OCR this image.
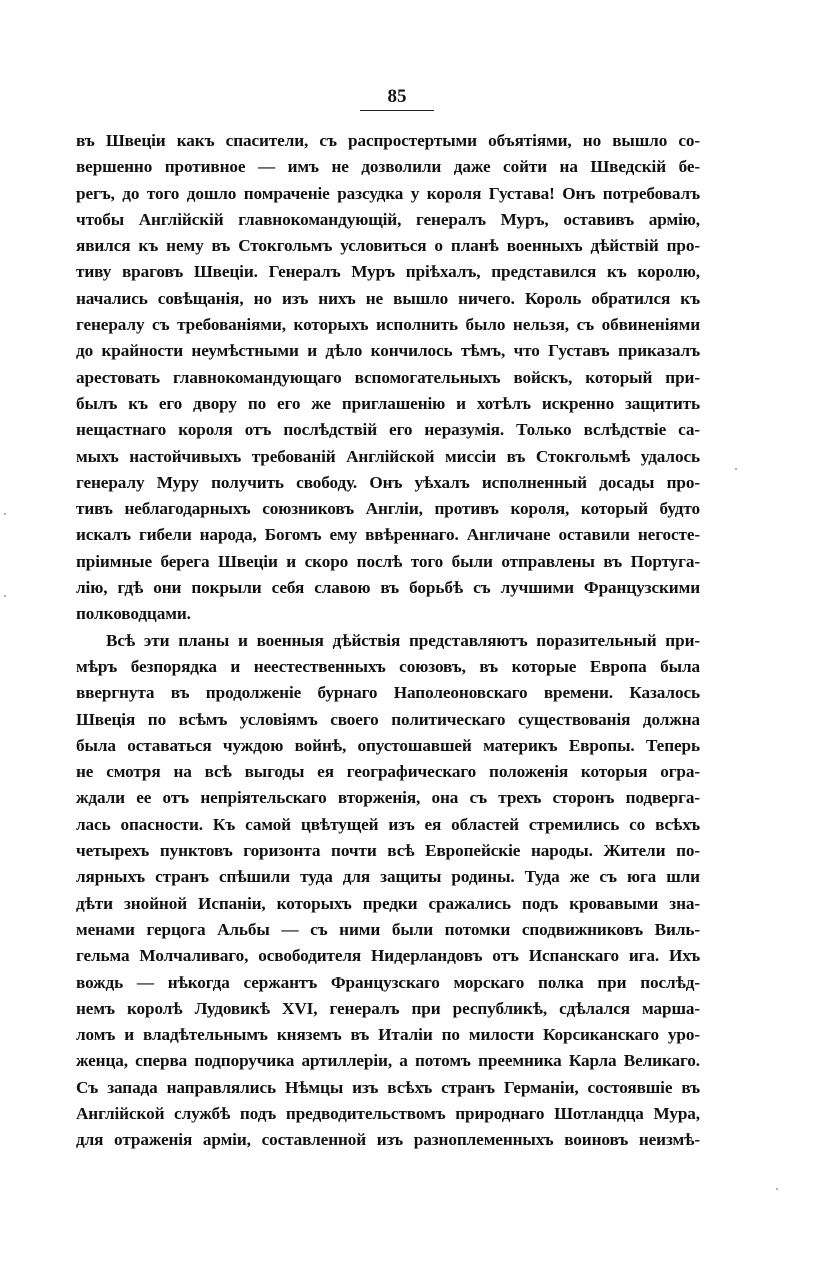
85
въ Швецiи какъ спасители, съ распростертыми объятiями, но вышло со-
вершенно противное — имъ не дозволили даже сойти на Шведскiй бе-
регъ, до того дошло помраченiе разсудка у короля Густава! Онъ потребовалъ
чтобы Англiйскiй главнокомандующiй, генералъ Муръ, оставивъ армiю,
явился къ нему въ Стокгольмъ условиться о планѣ военныхъ дѣйствiй про-
тиву враговъ Швецiи. Генералъ Муръ прiѣхалъ, представился къ королю,
начались совѣщанiя, но изъ нихъ не вышло ничего. Король обратился къ
генералу съ требованiями, которыхъ исполнить было нельзя, съ обвиненiями
до крайности неумѣстными и дѣло кончилось тѣмъ, что Густавъ приказалъ
арестовать главнокомандующаго вспомогательныхъ войскъ, который при-
былъ къ его двору по его же приглашенiю и хотѣлъ искренно защитить
нещастнаго короля отъ послѣдствiй его неразумiя. Только вслѣдствiе са-
мыхъ настойчивыхъ требованiй Англiйской миссiи въ Стокгольмѣ удалось
генералу Муру получить свободу. Онъ уѣхалъ исполненный досады про-
тивъ неблагодарныхъ союзниковъ Англiи, противъ короля, который будто
искалъ гибели народа, Богомъ ему ввѣреннаго. Англичане оставили негосте-
прiимные берега Швецiи и скоро послѣ того были отправлены въ Португа-
лiю, гдѣ они покрыли себя славою въ борьбѣ съ лучшими Французскими
полководцами.
Всѣ эти планы и военныя дѣйствiя представляютъ поразительный при-
мѣръ безпорядка и неестественныхъ союзовъ, въ которые Европа была
ввергнута въ продолженiе бурнаго Наполеоновскаго времени. Казалось
Швецiя по всѣмъ условiямъ своего политическаго существованiя должна
была оставаться чуждою войнѣ, опустошавшей материкъ Европы. Теперь
не смотря на всѣ выгоды ея географическаго положенiя которыя огра-
ждали ее отъ непрiятельскаго вторженiя, она съ трехъ сторонъ подверга-
лась опасности. Къ самой цвѣтущей изъ ея областей стремились со всѣхъ
четырехъ пунктовъ горизонта почти всѣ Европейскiе народы. Жители по-
лярныхъ странъ спѣшили туда для защиты родины. Туда же съ юга шли
дѣти знойной Испанiи, которыхъ предки сражались подъ кровавыми зна-
менами герцога Альбы — съ ними были потомки сподвижниковъ Виль-
гельма Молчаливаго, освободителя Нидерландовъ отъ Испанскаго ига. Ихъ
вождь — нѣкогда сержантъ Французскаго морскаго полка при послѣд-
немъ королѣ Лудовикѣ XVI, генералъ при республикѣ, сдѣлался марша-
ломъ и владѣтельнымъ княземъ въ Италiи по милости Корсиканскаго уро-
женца, сперва подпоручика артиллерiи, а потомъ преемника Карла Великаго.
Съ запада направлялись Нѣмцы изъ всѣхъ странъ Германiи, состоявшiе въ
Англiйской службѣ подъ предводительствомъ природнаго Шотландца Мура,
для отраженiя армiи, составленной изъ разноплеменныхъ воиновъ неизмѣ-
